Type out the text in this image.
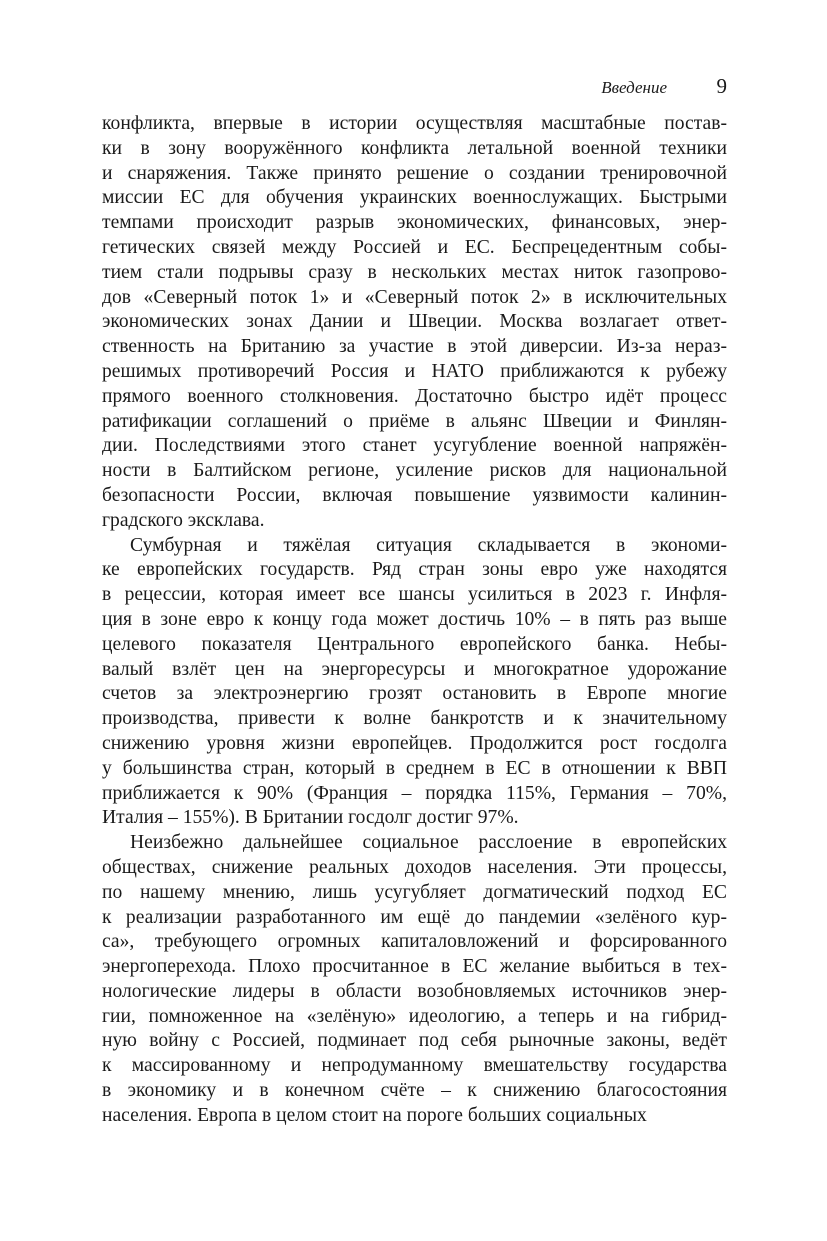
Введение 9
конфликта, впервые в истории осуществляя масштабные постав-
ки в зону вооружённого конфликта летальной военной техники
и снаряжения. Также принято решение о создании тренировочной
миссии ЕС для обучения украинских военнослужащих. Быстрыми
темпами происходит разрыв экономических, финансовых, энер-
гетических связей между Россией и ЕС. Беспрецедентным собы-
тием стали подрывы сразу в нескольких местах ниток газопрово-
дов «Северный поток 1» и «Северный поток 2» в исключительных
экономических зонах Дании и Швеции. Москва возлагает ответ-
ственность на Британию за участие в этой диверсии. Из-за нераз-
решимых противоречий Россия и НАТО приближаются к рубежу
прямого военного столкновения. Достаточно быстро идёт процесс
ратификации соглашений о приёме в альянс Швеции и Финлян-
дии. Последствиями этого станет усугубление военной напряжён-
ности в Балтийском регионе, усиление рисков для национальной
безопасности России, включая повышение уязвимости калинин-
градского эксклава.
Сумбурная и тяжёлая ситуация складывается в экономи-
ке европейских государств. Ряд стран зоны евро уже находятся
в рецессии, которая имеет все шансы усилиться в 2023 г. Инфля-
ция в зоне евро к концу года может достичь 10% – в пять раз выше
целевого показателя Центрального европейского банка. Небы-
валый взлёт цен на энергоресурсы и многократное удорожание
счетов за электроэнергию грозят остановить в Европе многие
производства, привести к волне банкротств и к значительному
снижению уровня жизни европейцев. Продолжится рост госдолга
у большинства стран, который в среднем в ЕС в отношении к ВВП
приближается к 90% (Франция – порядка 115%, Германия – 70%,
Италия – 155%). В Британии госдолг достиг 97%.
Неизбежно дальнейшее социальное расслоение в европейских
обществах, снижение реальных доходов населения. Эти процессы,
по нашему мнению, лишь усугубляет догматический подход ЕС
к реализации разработанного им ещё до пандемии «зелёного кур-
са», требующего огромных капиталовложений и форсированного
энергоперехода. Плохо просчитанное в ЕС желание выбиться в тех-
нологические лидеры в области возобновляемых источников энер-
гии, помноженное на «зелёную» идеологию, а теперь и на гибрид-
ную войну с Россией, подминает под себя рыночные законы, ведёт
к массированному и непродуманному вмешательству государства
в экономику и в конечном счёте – к снижению благосостояния
населения. Европа в целом стоит на пороге больших социальных
